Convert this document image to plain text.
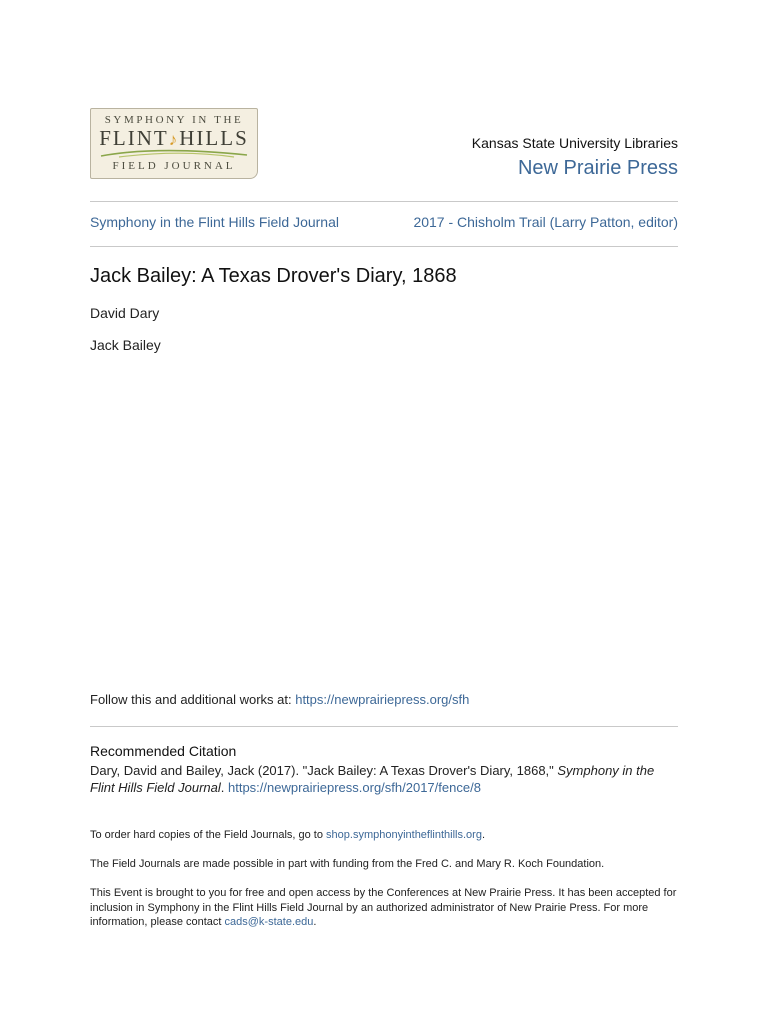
SYMPHONY IN THE
FLINT♪HILLS
FIELD JOURNAL
Kansas State University Libraries
New Prairie Press
Symphony in the Flint Hills Field Journal	2017 - Chisholm Trail (Larry Patton, editor)
Jack Bailey: A Texas Drover's Diary, 1868
David Dary
Jack Bailey
Follow this and additional works at: https://newprairiepress.org/sfh
Recommended Citation
Dary, David and Bailey, Jack (2017). "Jack Bailey: A Texas Drover's Diary, 1868," Symphony in the Flint Hills Field Journal. https://newprairiepress.org/sfh/2017/fence/8
To order hard copies of the Field Journals, go to shop.symphonyintheflinthills.org.
The Field Journals are made possible in part with funding from the Fred C. and Mary R. Koch Foundation.
This Event is brought to you for free and open access by the Conferences at New Prairie Press. It has been accepted for inclusion in Symphony in the Flint Hills Field Journal by an authorized administrator of New Prairie Press. For more information, please contact cads@k-state.edu.
